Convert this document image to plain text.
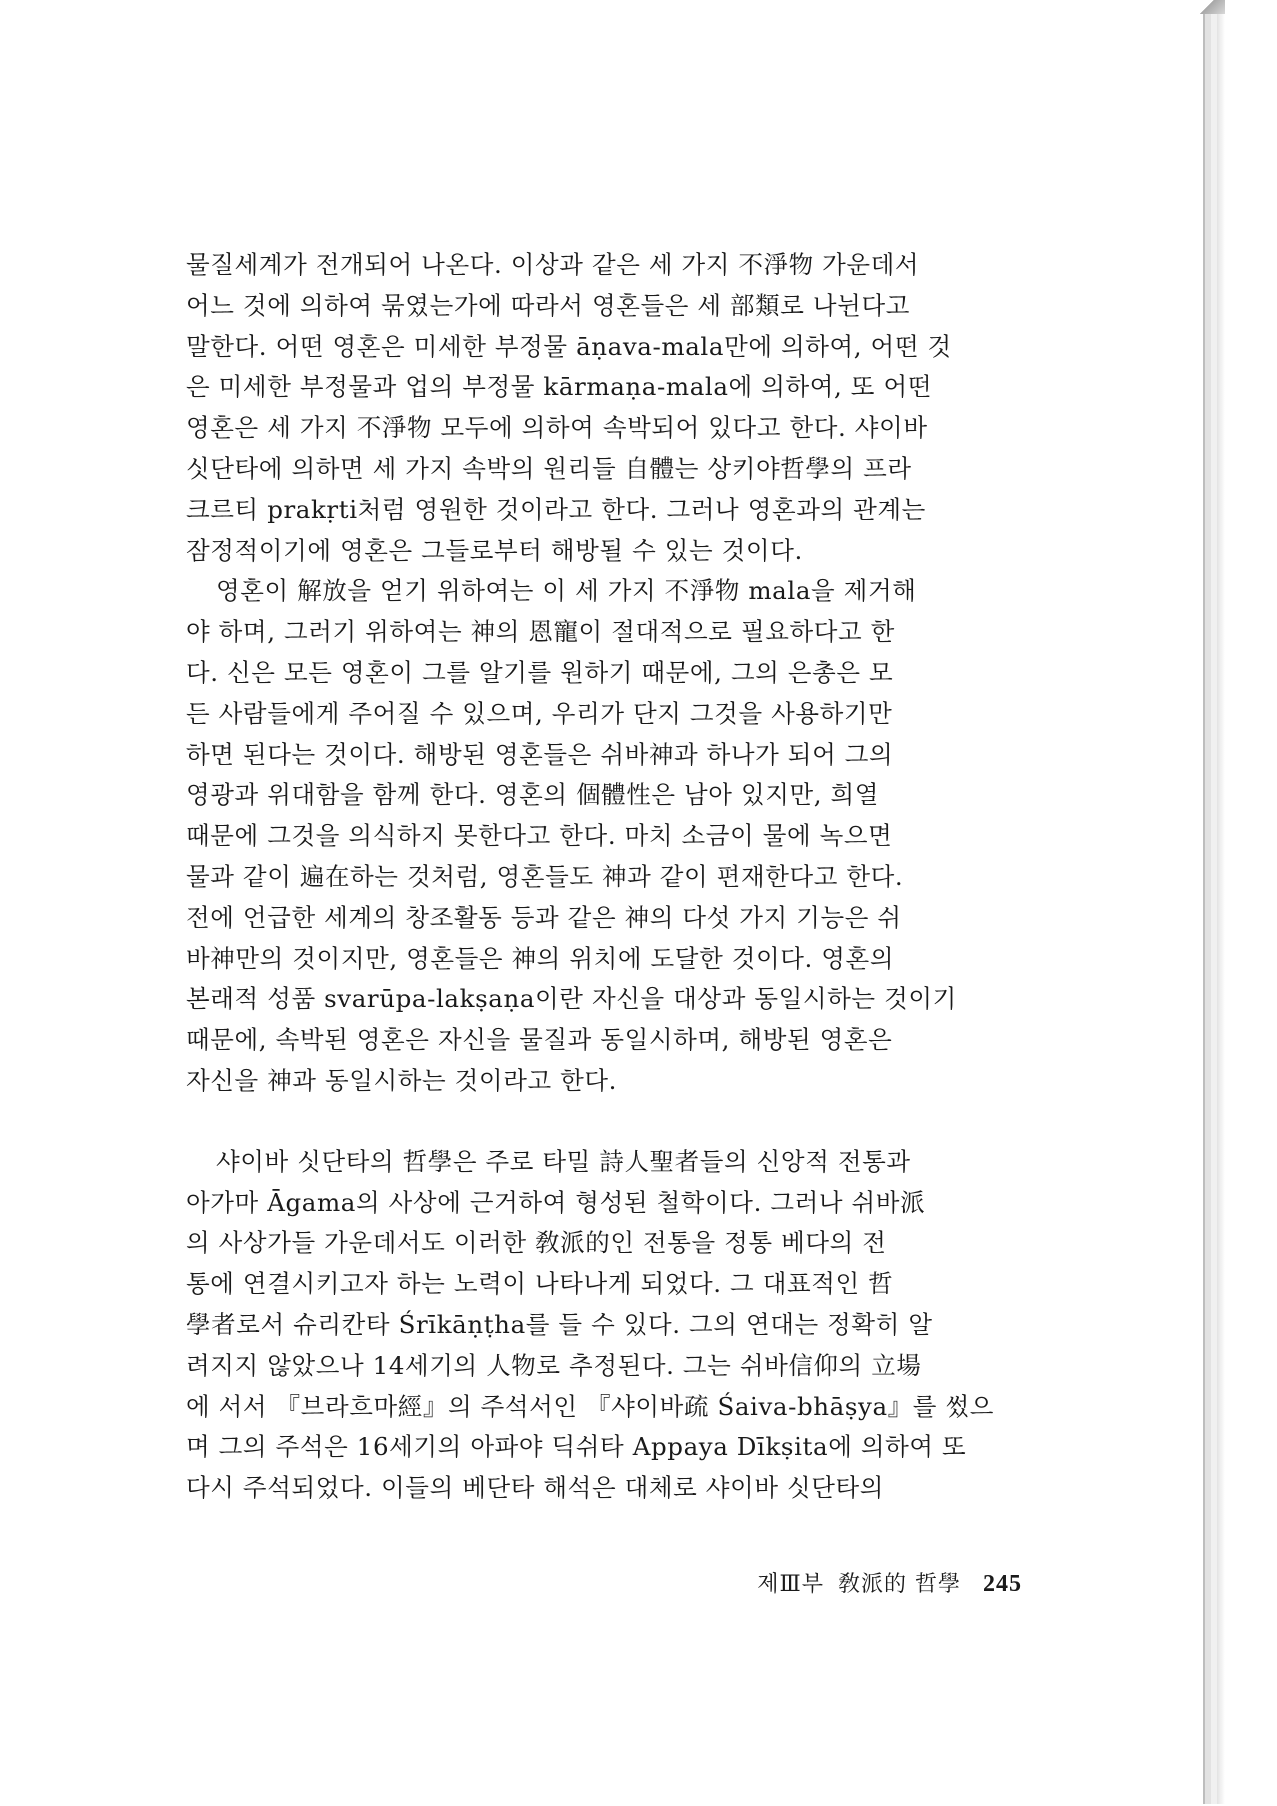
물질세계가 전개되어 나온다. 이상과 같은 세 가지 不淨物 가운데서
어느 것에 의하여 묶였는가에 따라서 영혼들은 세 部類로 나뉜다고
말한다. 어떤 영혼은 미세한 부정물 āṇava-mala만에 의하여, 어떤 것
은 미세한 부정물과 업의 부정물 kārmaṇa-mala에 의하여, 또 어떤
영혼은 세 가지 不淨物 모두에 의하여 속박되어 있다고 한다. 샤이바
싯단타에 의하면 세 가지 속박의 원리들 自體는 상키야哲學의 프라
크르티 prakṛti처럼 영원한 것이라고 한다. 그러나 영혼과의 관계는
잠정적이기에 영혼은 그들로부터 해방될 수 있는 것이다.

영혼이 解放을 얻기 위하여는 이 세 가지 不淨物 mala을 제거해
야 하며, 그러기 위하여는 神의 恩寵이 절대적으로 필요하다고 한
다. 신은 모든 영혼이 그를 알기를 원하기 때문에, 그의 은총은 모
든 사람들에게 주어질 수 있으며, 우리가 단지 그것을 사용하기만
하면 된다는 것이다. 해방된 영혼들은 쉬바神과 하나가 되어 그의
영광과 위대함을 함께 한다. 영혼의 個體性은 남아 있지만, 희열
때문에 그것을 의식하지 못한다고 한다. 마치 소금이 물에 녹으면
물과 같이 遍在하는 것처럼, 영혼들도 神과 같이 편재한다고 한다.
전에 언급한 세계의 창조활동 등과 같은 神의 다섯 가지 기능은 쉬
바神만의 것이지만, 영혼들은 神의 위치에 도달한 것이다. 영혼의
본래적 성품 svarūpa-lakṣaṇa이란 자신을 대상과 동일시하는 것이기
때문에, 속박된 영혼은 자신을 물질과 동일시하며, 해방된 영혼은
자신을 神과 동일시하는 것이라고 한다.

샤이바 싯단타의 哲學은 주로 타밀 詩人聖者들의 신앙적 전통과
아가마 Āgama의 사상에 근거하여 형성된 철학이다. 그러나 쉬바派
의 사상가들 가운데서도 이러한 敎派的인 전통을 정통 베다의 전
통에 연결시키고자 하는 노력이 나타나게 되었다. 그 대표적인 哲
學者로서 슈리칸타 Śrīkāṇṭha를 들 수 있다. 그의 연대는 정확히 알
려지지 않았으나 14세기의 人物로 추정된다. 그는 쉬바信仰의 立場
에 서서 『브라흐마經』의 주석서인 『샤이바疏 Śaiva-bhāṣya』를 썼으
며 그의 주석은 16세기의 아파야 딕쉬타 Appaya Dīkṣita에 의하여 또
다시 주석되었다. 이들의 베단타 해석은 대체로 샤이바 싯단타의

제Ⅲ부 敎派的 哲學 245
